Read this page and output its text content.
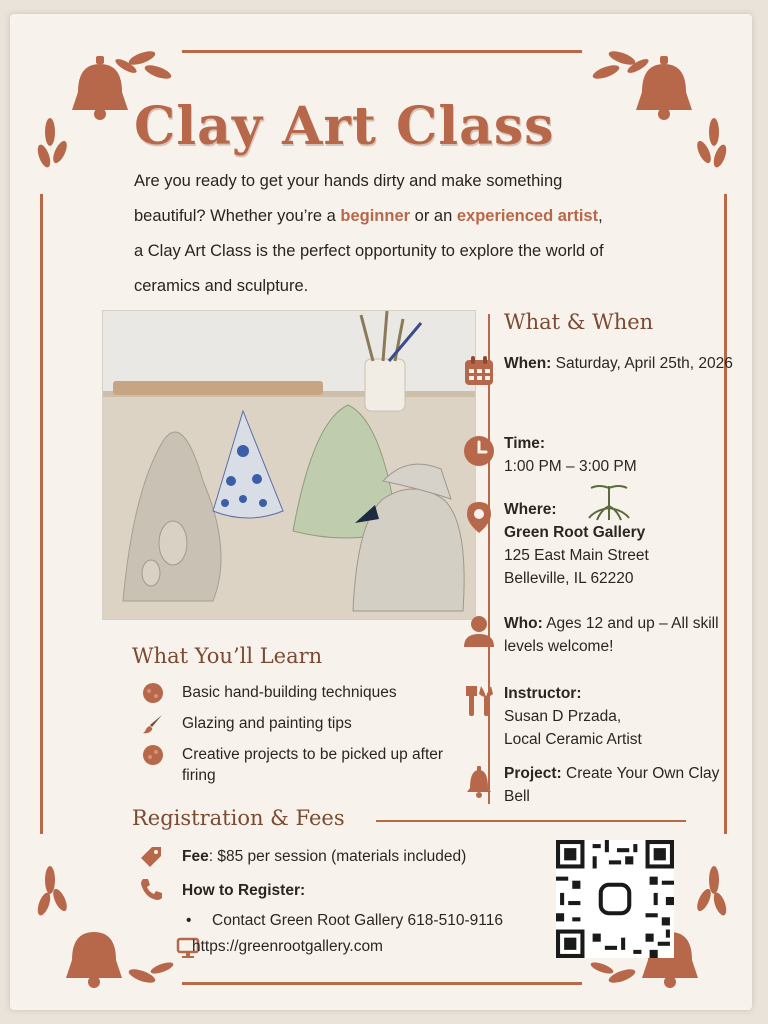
Clay Art Class
Are you ready to get your hands dirty and make something beautiful? Whether you’re a beginner or an experienced artist, a Clay Art Class is the perfect opportunity to explore the world of ceramics and sculpture.
What & When
When: Saturday, April 25th, 2026
Time:
1:00 PM – 3:00 PM
Where:
Green Root Gallery
125 East Main Street
Belleville, IL 62220
Who: Ages 12 and up – All skill levels welcome!
Instructor:
Susan D Przada,
Local Ceramic Artist
Project: Create Your Own Clay Bell
What You’ll Learn
Basic hand-building techniques
Glazing and painting tips
Creative projects to be picked up after firing
Registration & Fees
Fee: $85 per session (materials included)
How to Register:
• Contact Green Root Gallery 618-510-9116
https://greenrootgallery.com
